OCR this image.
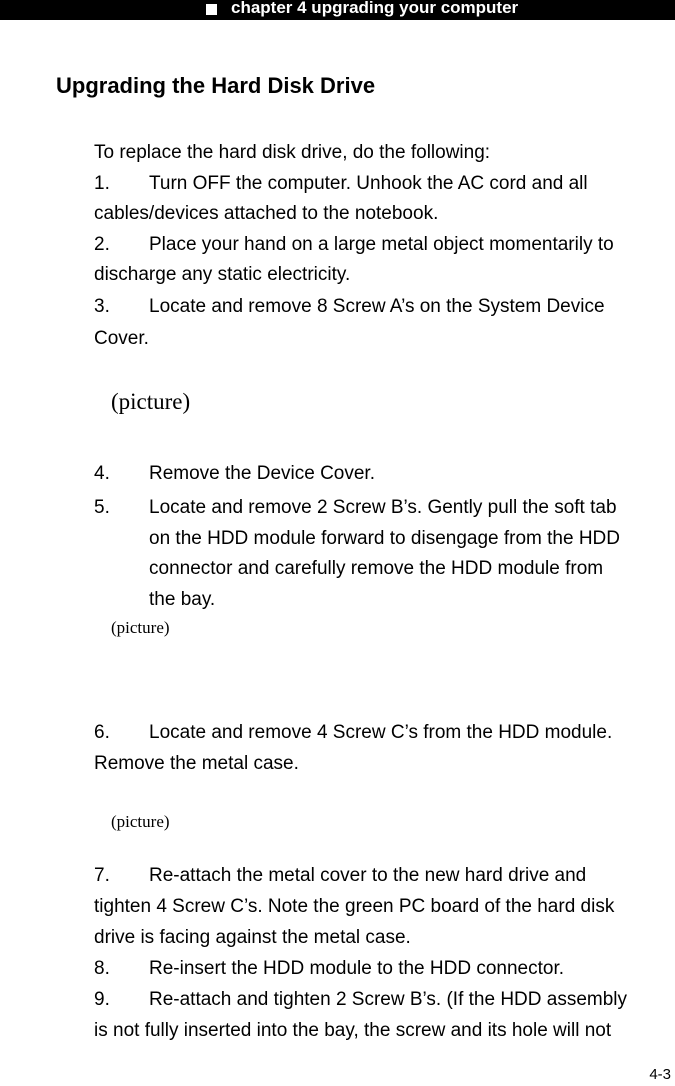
chapter 4 upgrading your computer
Upgrading the Hard Disk Drive
To replace the hard disk drive, do the following:
1. Turn OFF the computer. Unhook the AC cord and all
cables/devices attached to the notebook.
2. Place your hand on a large metal object momentarily to
discharge any static electricity.
3. Locate and remove 8 Screw A’s on the System Device
Cover.
(picture)
4. Remove the Device Cover.
5. Locate and remove 2 Screw B’s. Gently pull the soft tab
on the HDD module forward to disengage from the HDD
connector and carefully remove the HDD module from
the bay.
(picture)
6. Locate and remove 4 Screw C’s from the HDD module.
Remove the metal case.
(picture)
7. Re-attach the metal cover to the new hard drive and
tighten 4 Screw C’s. Note the green PC board of the hard disk
drive is facing against the metal case.
8. Re-insert the HDD module to the HDD connector.
9. Re-attach and tighten 2 Screw B’s. (If the HDD assembly
is not fully inserted into the bay, the screw and its hole will not
4-3
